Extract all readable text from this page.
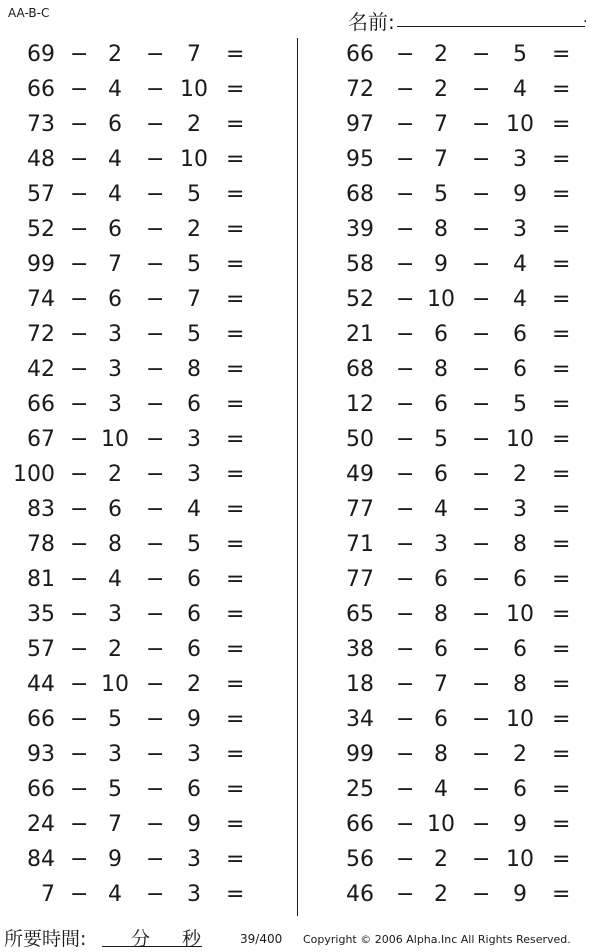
AA-B-C	名前:	.
69 − 2	−	7	=
66 − 4	− 10 =
73 − 6	−	2	=
48 − 4	− 10 =
57 − 4	−	5	=
52 − 6	−	2	=
99 − 7	−	5	=
74 − 6	−	7	=
72 − 3	−	5	=
42 − 3	−	8	=
66 − 3	−	6	=
67 − 10 −	3	=
100 − 2	−	3	=
83 − 6	−	4	=
78 − 8	−	5	=
81 − 4	−	6	=
35 − 3	−	6	=
57 − 2	−	6	=
44 − 10 −	2	=
66 − 5	−	9	=
93 − 3	−	3	=
66 − 5	−	6	=
24 − 7	−	9	=
84 − 9	−	3	=
7 − 4	−	3	=
66 − 2	−	5	=
72 − 2	−	4	=
97 − 7	− 10 =
95 − 7	−	3	=
68 − 5	−	9	=
39 − 8	−	3	=
58 − 9	−	4	=
52 − 10 −	4	=
21 − 6	−	6	=
68 − 8	−	6	=
12 − 6	−	5	=
50 − 5	− 10 =
49 − 6	−	2	=
77 − 4	−	3	=
71 − 3	−	8	=
77 − 6	−	6	=
65 − 8	− 10 =
38 − 6	−	6	=
18 − 7	−	8	=
34 − 6	− 10 =
99 − 8	−	2	=
25 − 4	−	6	=
66 − 10 −	9	=
56 − 2	− 10 =
46 − 2	−	9	=
所要時間: 分 秒	39/400 Copyright © 2006 Alpha.Inc All Rights Reserved.
